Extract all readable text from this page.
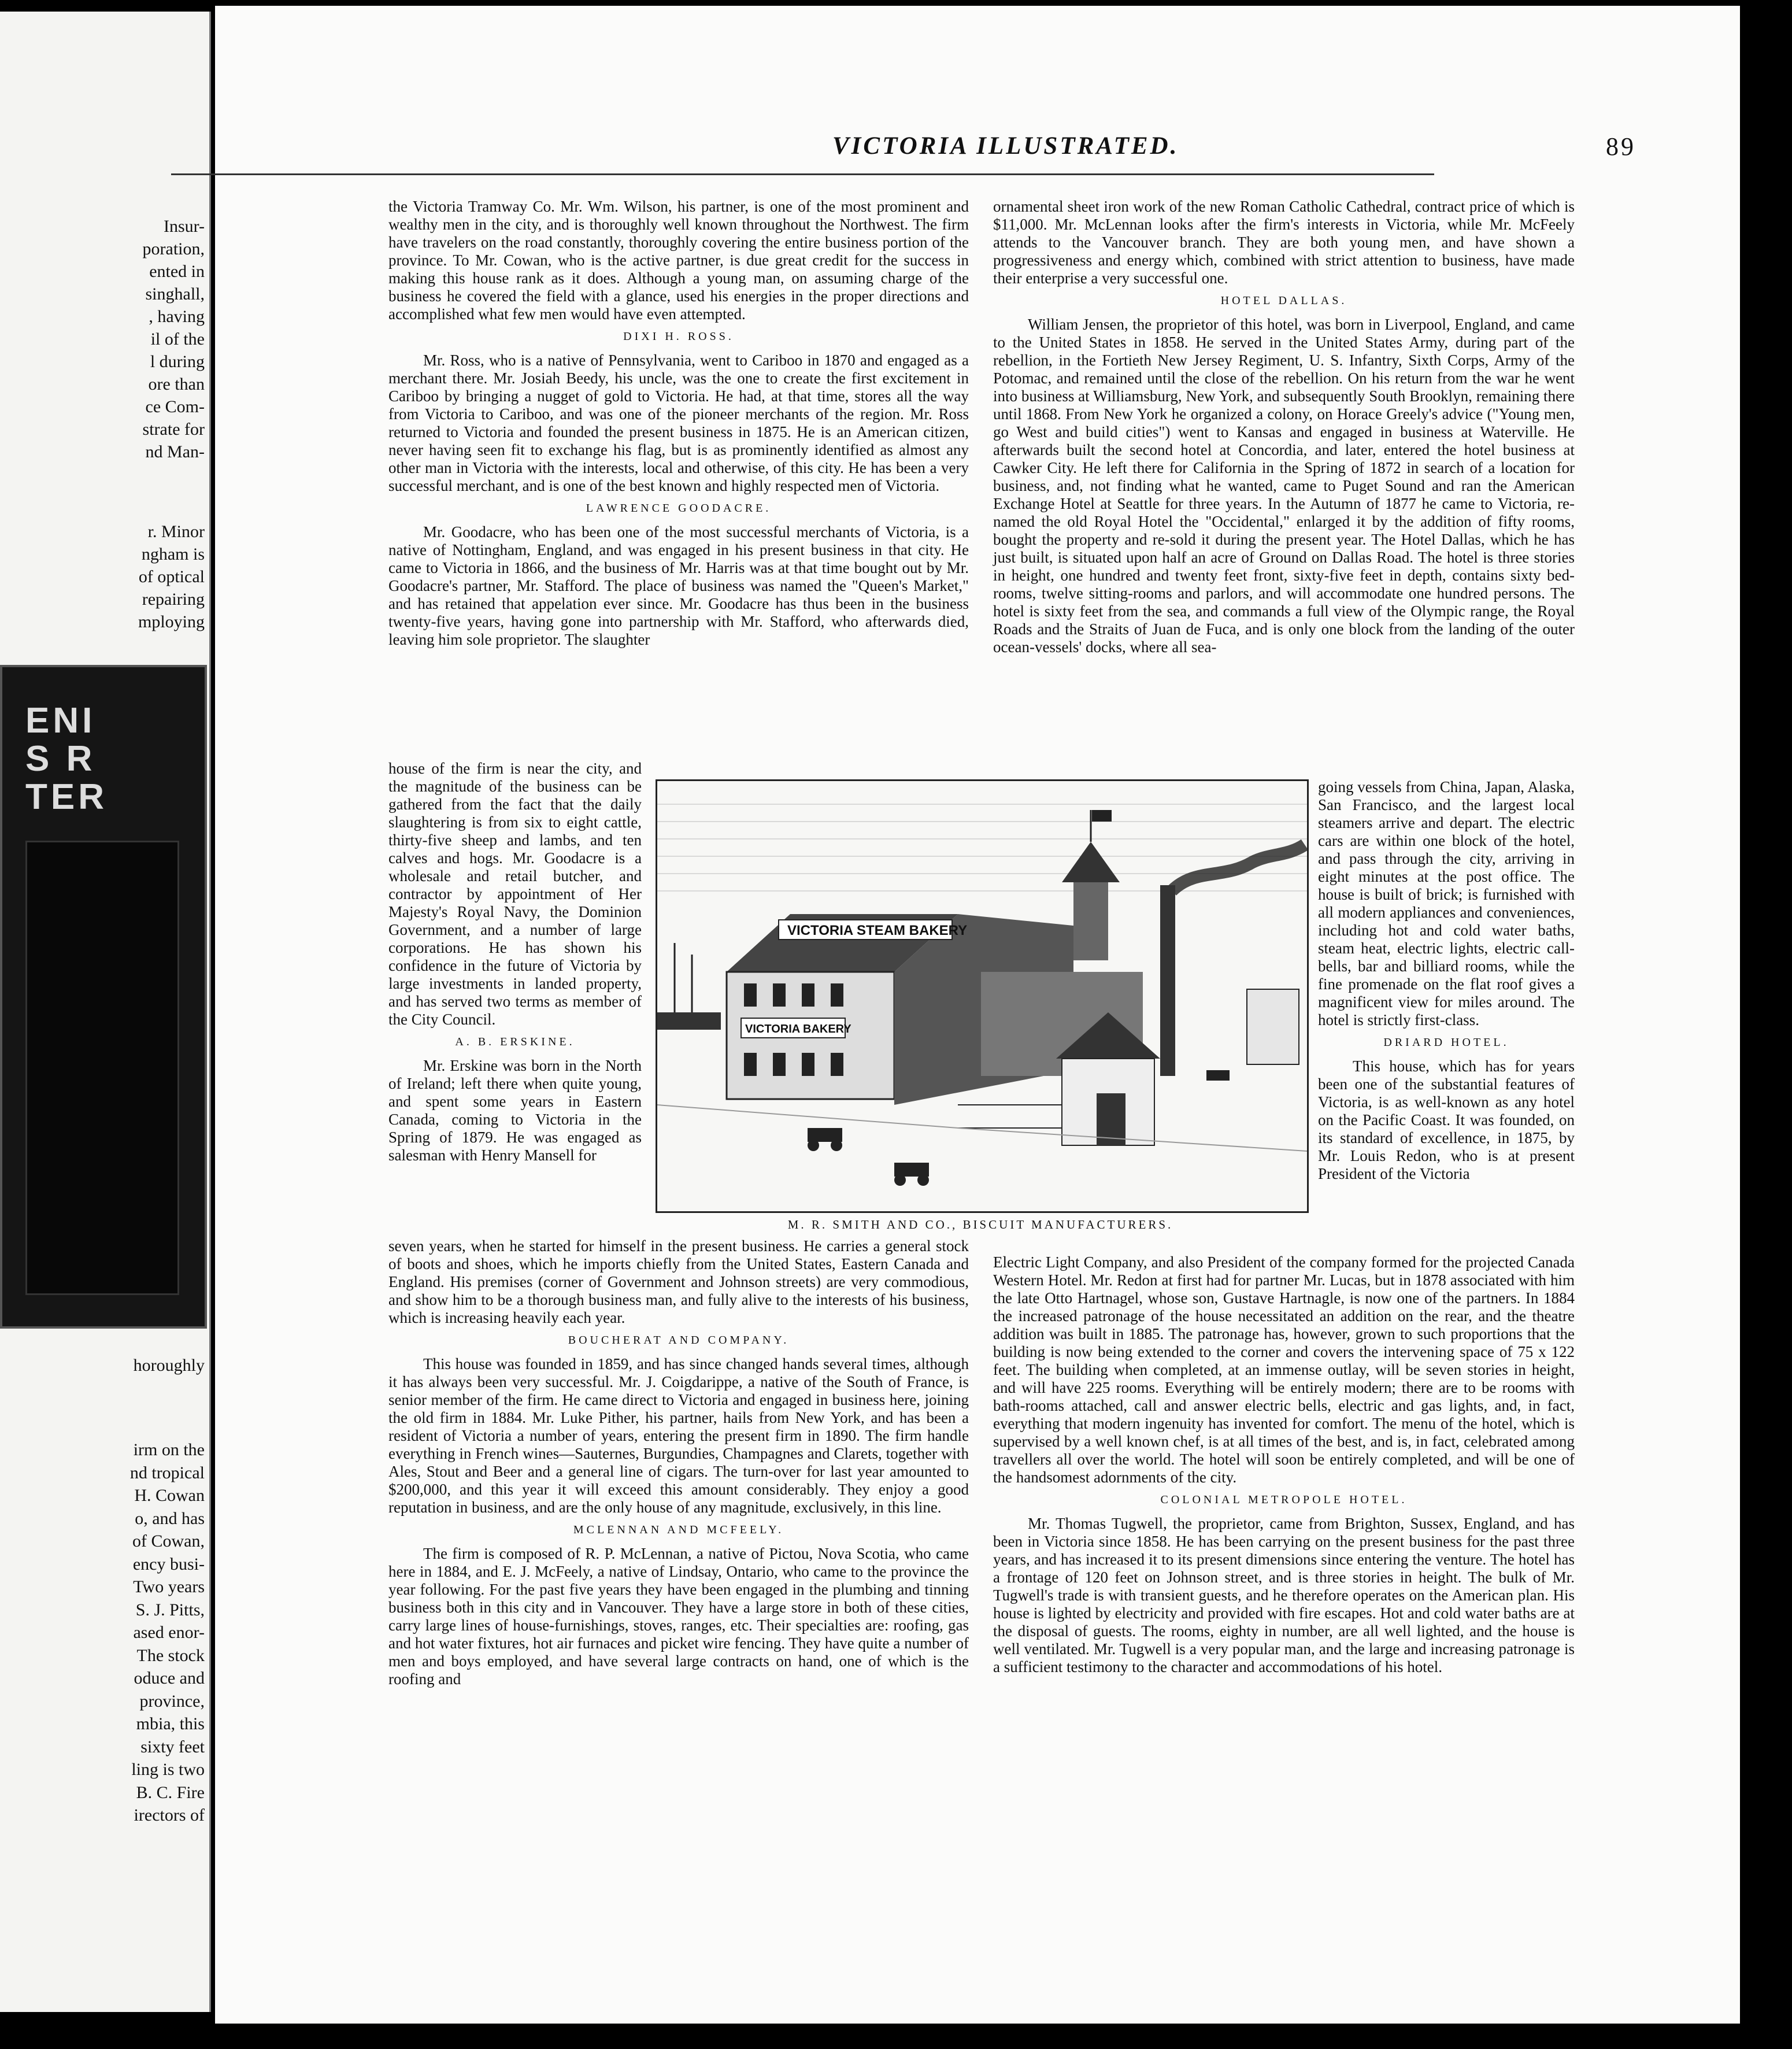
Insur-
poration,
ented in
singhall,
, having
il of the
l during
ore than
ce Com-
strate for
nd Man-
r. Minor
ngham is
of optical
repairing
mploying
horoughly
irm on the
nd tropical
H. Cowan
o, and has
of Cowan,
ency busi-
Two years
S. J. Pitts,
ased enor-
The stock
oduce and
province,
mbia, this
sixty feet
ling is two
B. C. Fire
irectors of
ENI
S R
TER
VICTORIA ILLUSTRATED.	89

the Victoria Tramway Co. Mr. Wm. Wilson, his partner, is one of the most prominent and wealthy men in the city, and is thoroughly well known throughout the Northwest. The firm have travelers on the road constantly, thoroughly covering the entire business portion of the province. To Mr. Cowan, who is the active partner, is due great credit for the success in making this house rank as it does. Although a young man, on assuming charge of the business he covered the field with a glance, used his energies in the proper directions and accomplished what few men would have even attempted.

DIXI H. ROSS.

Mr. Ross, who is a native of Pennsylvania, went to Cariboo in 1870 and engaged as a merchant there. Mr. Josiah Beedy, his uncle, was the one to create the first excitement in Cariboo by bringing a nugget of gold to Victoria. He had, at that time, stores all the way from Victoria to Cariboo, and was one of the pioneer merchants of the region. Mr. Ross returned to Victoria and founded the present business in 1875. He is an American citizen, never having seen fit to exchange his flag, but is as prominently identified as almost any other man in Victoria with the interests, local and otherwise, of this city. He has been a very successful merchant, and is one of the best known and highly respected men of Victoria.

LAWRENCE GOODACRE.

Mr. Goodacre, who has been one of the most successful merchants of Victoria, is a native of Nottingham, England, and was engaged in his present business in that city. He came to Victoria in 1866, and the business of Mr. Harris was at that time bought out by Mr. Goodacre's partner, Mr. Stafford. The place of business was named the "Queen's Market," and has retained that appelation ever since. Mr. Goodacre has thus been in the business twenty-five years, having gone into partnership with Mr. Stafford, who afterwards died, leaving him sole proprietor. The slaughter

house of the firm is near the city, and the magnitude of the business can be gathered from the fact that the daily slaughtering is from six to eight cattle, thirty-five sheep and lambs, and ten calves and hogs. Mr. Goodacre is a wholesale and retail butcher, and contractor by appointment of Her Majesty's Royal Navy, the Dominion Government, and a number of large corporations. He has shown his confidence in the future of Victoria by large investments in landed property, and has served two terms as member of the City Council.

A. B. ERSKINE.

Mr. Erskine was born in the North of Ireland; left there when quite young, and spent some years in Eastern Canada, coming to Victoria in the Spring of 1879. He was engaged as salesman with Henry Mansell for

VICTORIA STEAM BAKERY
VICTORIA BAKERY
M. R. SMITH AND CO., BISCUIT MANUFACTURERS.

seven years, when he started for himself in the present business. He carries a general stock of boots and shoes, which he imports chiefly from the United States, Eastern Canada and England. His premises (corner of Government and Johnson streets) are very commodious, and show him to be a thorough business man, and fully alive to the interests of his business, which is increasing heavily each year.

BOUCHERAT AND COMPANY.

This house was founded in 1859, and has since changed hands several times, although it has always been very successful. Mr. J. Coigdarippe, a native of the South of France, is senior member of the firm. He came direct to Victoria and engaged in business here, joining the old firm in 1884. Mr. Luke Pither, his partner, hails from New York, and has been a resident of Victoria a number of years, entering the present firm in 1890. The firm handle everything in French wines—Sauternes, Burgundies, Champagnes and Clarets, together with Ales, Stout and Beer and a general line of cigars. The turn-over for last year amounted to $200,000, and this year it will exceed this amount considerably. They enjoy a good reputation in business, and are the only house of any magnitude, exclusively, in this line.

MCLENNAN AND MCFEELY.

The firm is composed of R. P. McLennan, a native of Pictou, Nova Scotia, who came here in 1884, and E. J. McFeely, a native of Lindsay, Ontario, who came to the province the year following. For the past five years they have been engaged in the plumbing and tinning business both in this city and in Vancouver. They have a large store in both of these cities, carry large lines of house-furnishings, stoves, ranges, etc. Their specialties are: roofing, gas and hot water fixtures, hot air furnaces and picket wire fencing. They have quite a number of men and boys employed, and have several large contracts on hand, one of which is the roofing and

ornamental sheet iron work of the new Roman Catholic Cathedral, contract price of which is $11,000. Mr. McLennan looks after the firm's interests in Victoria, while Mr. McFeely attends to the Vancouver branch. They are both young men, and have shown a progressiveness and energy which, combined with strict attention to business, have made their enterprise a very successful one.

HOTEL DALLAS.

William Jensen, the proprietor of this hotel, was born in Liverpool, England, and came to the United States in 1858. He served in the United States Army, during part of the rebellion, in the Fortieth New Jersey Regiment, U. S. Infantry, Sixth Corps, Army of the Potomac, and remained until the close of the rebellion. On his return from the war he went into business at Williamsburg, New York, and subsequently South Brooklyn, remaining there until 1868. From New York he organized a colony, on Horace Greely's advice ("Young men, go West and build cities") went to Kansas and engaged in business at Waterville. He afterwards built the second hotel at Concordia, and later, entered the hotel business at Cawker City. He left there for California in the Spring of 1872 in search of a location for business, and, not finding what he wanted, came to Puget Sound and ran the American Exchange Hotel at Seattle for three years. In the Autumn of 1877 he came to Victoria, re-named the old Royal Hotel the "Occidental," enlarged it by the addition of fifty rooms, bought the property and re-sold it during the present year. The Hotel Dallas, which he has just built, is situated upon half an acre of Ground on Dallas Road. The hotel is three stories in height, one hundred and twenty feet front, sixty-five feet in depth, contains sixty bed-rooms, twelve sitting-rooms and parlors, and will accommodate one hundred persons. The hotel is sixty feet from the sea, and commands a full view of the Olympic range, the Royal Roads and the Straits of Juan de Fuca, and is only one block from the landing of the outer ocean-vessels' docks, where all sea-

going vessels from China, Japan, Alaska, San Francisco, and the largest local steamers arrive and depart. The electric cars are within one block of the hotel, and pass through the city, arriving in eight minutes at the post office. The house is built of brick; is furnished with all modern appliances and conveniences, including hot and cold water baths, steam heat, electric lights, electric call-bells, bar and billiard rooms, while the fine promenade on the flat roof gives a magnificent view for miles around. The hotel is strictly first-class.

DRIARD HOTEL.

This house, which has for years been one of the substantial features of Victoria, is as well-known as any hotel on the Pacific Coast. It was founded, on its standard of excellence, in 1875, by Mr. Louis Redon, who is at present President of the Victoria

Electric Light Company, and also President of the company formed for the projected Canada Western Hotel. Mr. Redon at first had for partner Mr. Lucas, but in 1878 associated with him the late Otto Hartnagel, whose son, Gustave Hartnagle, is now one of the partners. In 1884 the increased patronage of the house necessitated an addition on the rear, and the theatre addition was built in 1885. The patronage has, however, grown to such proportions that the building is now being extended to the corner and covers the intervening space of 75 x 122 feet. The building when completed, at an immense outlay, will be seven stories in height, and will have 225 rooms. Everything will be entirely modern; there are to be rooms with bath-rooms attached, call and answer electric bells, electric and gas lights, and, in fact, everything that modern ingenuity has invented for comfort. The menu of the hotel, which is supervised by a well known chef, is at all times of the best, and is, in fact, celebrated among travellers all over the world. The hotel will soon be entirely completed, and will be one of the handsomest adornments of the city.

COLONIAL METROPOLE HOTEL.

Mr. Thomas Tugwell, the proprietor, came from Brighton, Sussex, England, and has been in Victoria since 1858. He has been carrying on the present business for the past three years, and has increased it to its present dimensions since entering the venture. The hotel has a frontage of 120 feet on Johnson street, and is three stories in height. The bulk of Mr. Tugwell's trade is with transient guests, and he therefore operates on the American plan. His house is lighted by electricity and provided with fire escapes. Hot and cold water baths are at the disposal of guests. The rooms, eighty in number, are all well lighted, and the house is well ventilated. Mr. Tugwell is a very popular man, and the large and increasing patronage is a sufficient testimony to the character and accommodations of his hotel.
